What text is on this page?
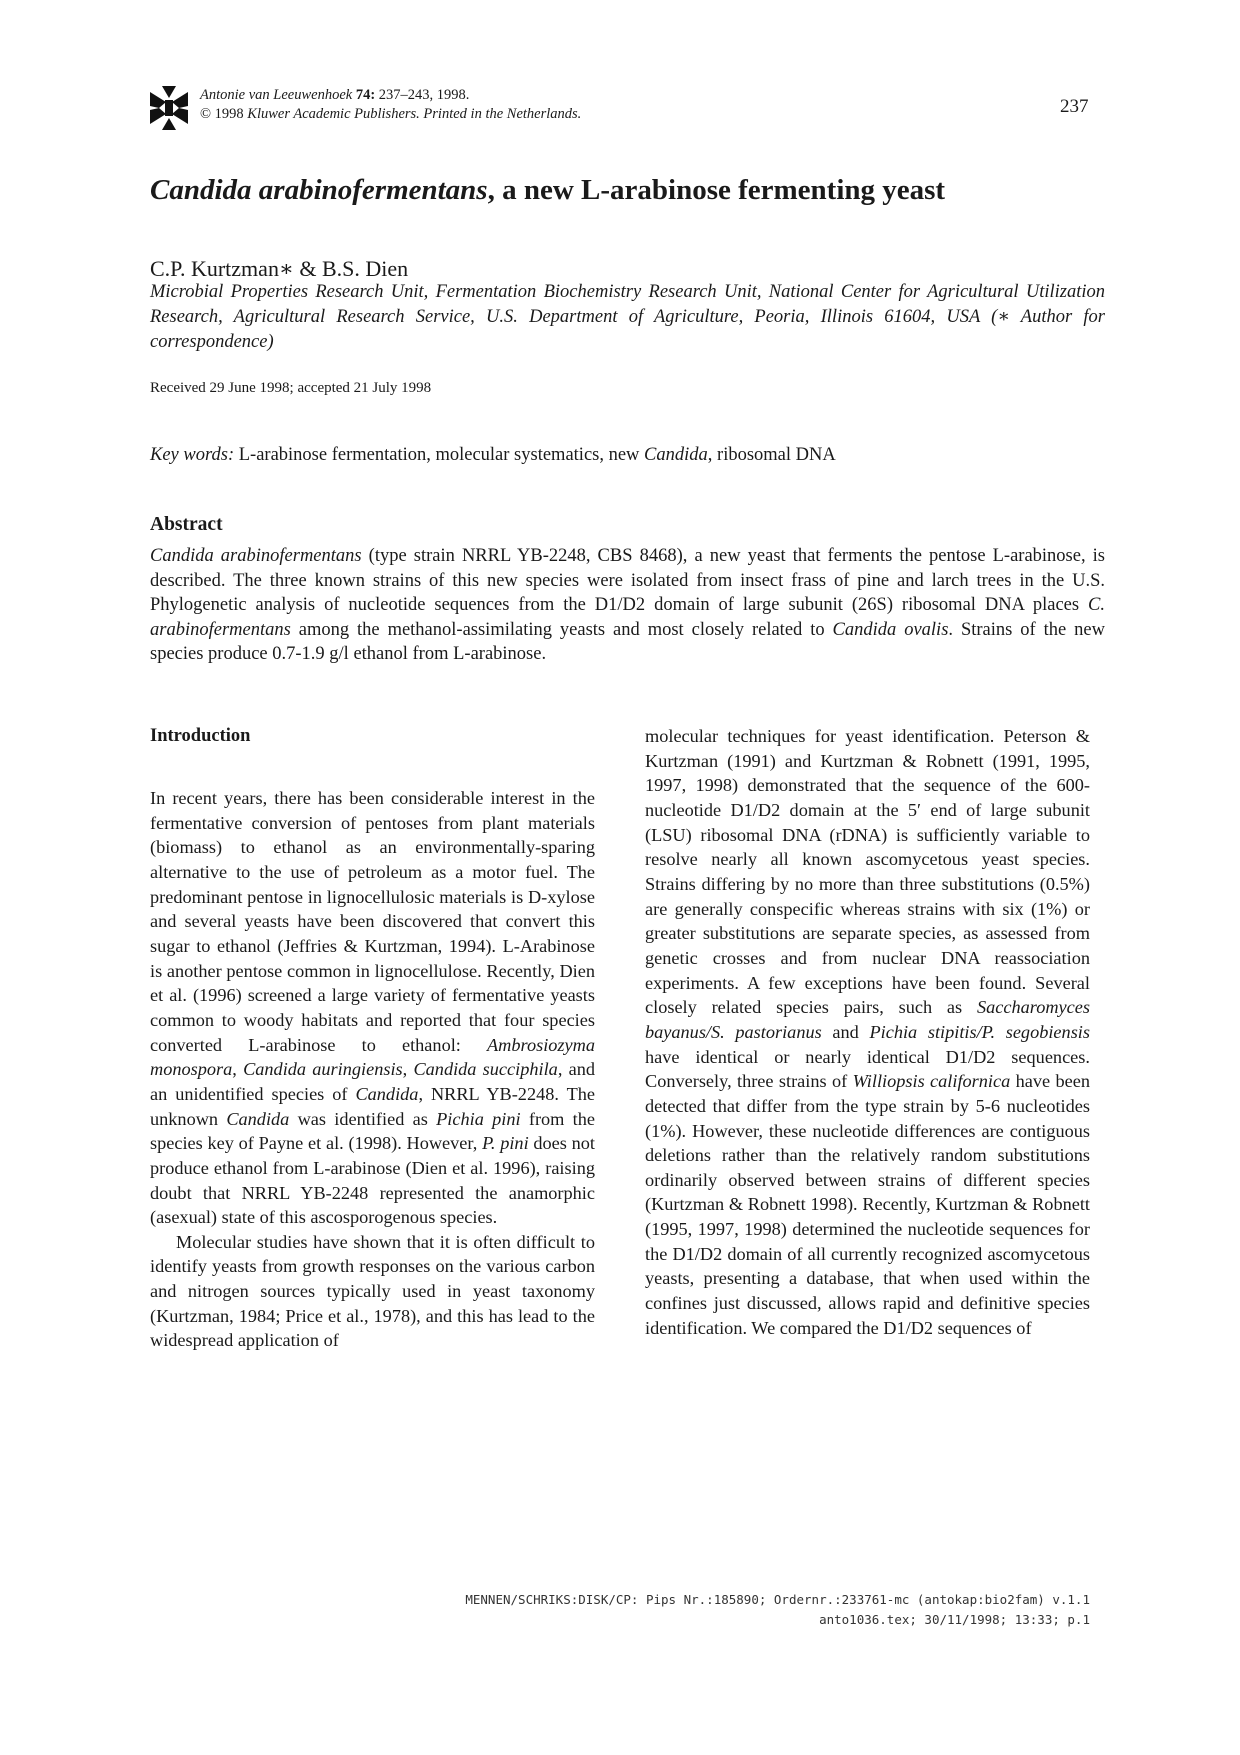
Antonie van Leeuwenhoek 74: 237–243, 1998.
© 1998 Kluwer Academic Publishers. Printed in the Netherlands.	237
Candida arabinofermentans, a new L-arabinose fermenting yeast
C.P. Kurtzman∗ & B.S. Dien
Microbial Properties Research Unit, Fermentation Biochemistry Research Unit, National Center for Agricultural Utilization Research, Agricultural Research Service, U.S. Department of Agriculture, Peoria, Illinois 61604, USA (∗ Author for correspondence)
Received 29 June 1998; accepted 21 July 1998
Key words: L-arabinose fermentation, molecular systematics, new Candida, ribosomal DNA
Abstract
Candida arabinofermentans (type strain NRRL YB-2248, CBS 8468), a new yeast that ferments the pentose L-arabinose, is described. The three known strains of this new species were isolated from insect frass of pine and larch trees in the U.S. Phylogenetic analysis of nucleotide sequences from the D1/D2 domain of large subunit (26S) ribosomal DNA places C. arabinofermentans among the methanol-assimilating yeasts and most closely related to Candida ovalis. Strains of the new species produce 0.7-1.9 g/l ethanol from L-arabinose.
Introduction

In recent years, there has been considerable interest in the fermentative conversion of pentoses from plant materials (biomass) to ethanol as an environmentally-sparing alternative to the use of petroleum as a motor fuel. The predominant pentose in lignocellulosic materials is D-xylose and several yeasts have been discovered that convert this sugar to ethanol (Jeffries & Kurtzman, 1994). L-Arabinose is another pentose common in lignocellulose. Recently, Dien et al. (1996) screened a large variety of fermentative yeasts common to woody habitats and reported that four species converted L-arabinose to ethanol: Ambrosiozyma monospora, Candida auringiensis, Candida succiphila, and an unidentified species of Candida, NRRL YB-2248. The unknown Candida was identified as Pichia pini from the species key of Payne et al. (1998). However, P. pini does not produce ethanol from L-arabinose (Dien et al. 1996), raising doubt that NRRL YB-2248 represented the anamorphic (asexual) state of this ascosporogenous species.

Molecular studies have shown that it is often difficult to identify yeasts from growth responses on the various carbon and nitrogen sources typically used in yeast taxonomy (Kurtzman, 1984; Price et al., 1978), and this has lead to the widespread application of

molecular techniques for yeast identification. Peterson & Kurtzman (1991) and Kurtzman & Robnett (1991, 1995, 1997, 1998) demonstrated that the sequence of the 600-nucleotide D1/D2 domain at the 5′ end of large subunit (LSU) ribosomal DNA (rDNA) is sufficiently variable to resolve nearly all known ascomycetous yeast species. Strains differing by no more than three substitutions (0.5%) are generally conspecific whereas strains with six (1%) or greater substitutions are separate species, as assessed from genetic crosses and from nuclear DNA reassociation experiments. A few exceptions have been found. Several closely related species pairs, such as Saccharomyces bayanus/S. pastorianus and Pichia stipitis/P. segobiensis have identical or nearly identical D1/D2 sequences. Conversely, three strains of Williopsis californica have been detected that differ from the type strain by 5-6 nucleotides (1%). However, these nucleotide differences are contiguous deletions rather than the relatively random substitutions ordinarily observed between strains of different species (Kurtzman & Robnett 1998). Recently, Kurtzman & Robnett (1995, 1997, 1998) determined the nucleotide sequences for the D1/D2 domain of all currently recognized ascomycetous yeasts, presenting a database, that when used within the confines just discussed, allows rapid and definitive species identification. We compared the D1/D2 sequences of

MENNEN/SCHRIKS:DISK/CP: Pips Nr.:185890; Ordernr.:233761-mc (antokap:bio2fam) v.1.1
anto1036.tex; 30/11/1998; 13:33; p.1
